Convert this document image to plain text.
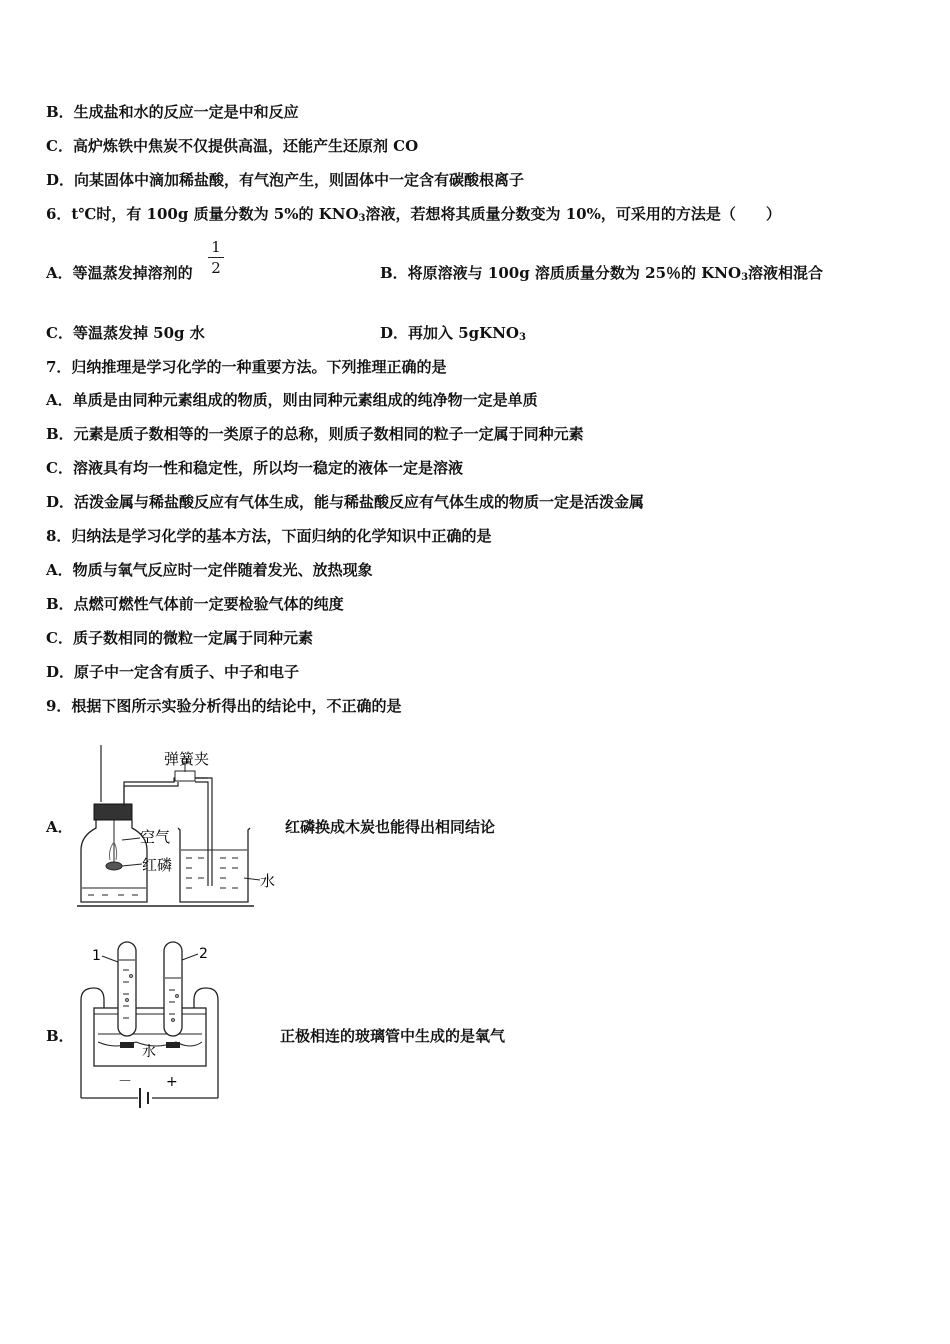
B．生成盐和水的反应一定是中和反应
C．高炉炼铁中焦炭不仅提供高温，还能产生还原剂 CO
D．向某固体中滴加稀盐酸，有气泡产生，则固体中一定含有碳酸根离子
6．t℃时，有 100g 质量分数为 5%的 $KNO_3$溶液，若想将其质量分数变为 10%，可采用的方法是（　　）
A．等温蒸发掉溶剂的
1
2	B．将原溶液与 100g 溶质质量分数为 25％的 $KNO_3$溶液相混合
C．等温蒸发掉 50g 水	D．再加入 5gKNO$_3$
7．归纳推理是学习化学的一种重要方法。下列推理正确的是
A．单质是由同种元素组成的物质，则由同种元素组成的纯净物一定是单质
B．元素是质子数相等的一类原子的总称，则质子数相同的粒子一定属于同种元素
C．溶液具有均一性和稳定性，所以均一稳定的液体一定是溶液
D．活泼金属与稀盐酸反应有气体生成，能与稀盐酸反应有气体生成的物质一定是活泼金属
8．归纳法是学习化学的基本方法，下面归纳的化学知识中正确的是
A．物质与氧气反应时一定伴随着发光、放热现象
B．点燃可燃性气体前一定要检验气体的纯度
C．质子数相同的微粒一定属于同种元素
D．原子中一定含有质子、中子和电子
9．根据下图所示实验分析得出的结论中，不正确的是
A．	红磷换成木炭也能得出相同结论
弹簧夹
空气
红磷
水
B．	正极相连的玻璃管中生成的是氧气
1	2
水
－ +
